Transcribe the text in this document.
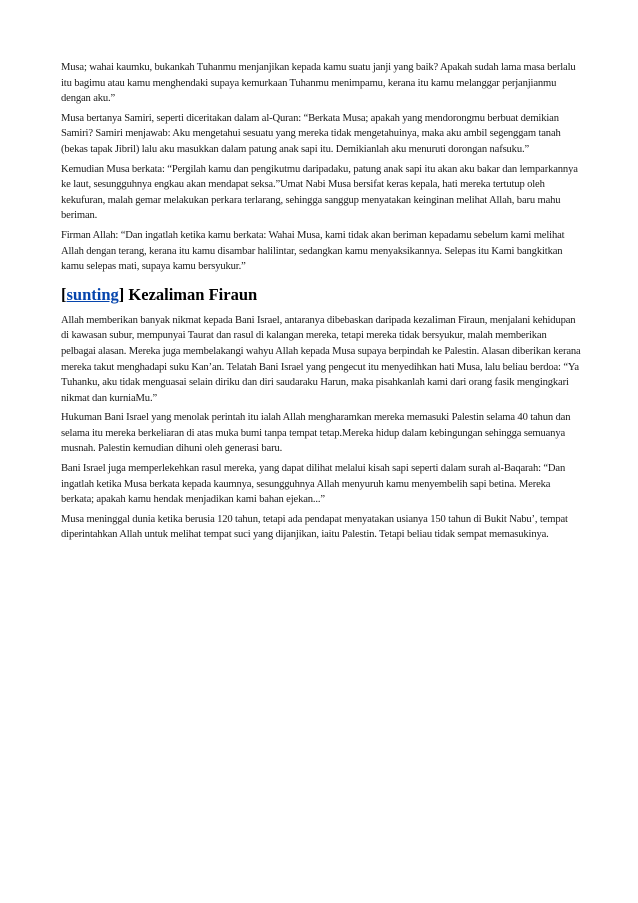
Musa; wahai kaumku, bukankah Tuhanmu menjanjikan kepada kamu suatu janji yang baik? Apakah sudah lama masa berlalu itu bagimu atau kamu menghendaki supaya kemurkaan Tuhanmu menimpamu, kerana itu kamu melanggar perjanjianmu dengan aku.”

Musa bertanya Samiri, seperti diceritakan dalam al-Quran: “Berkata Musa; apakah yang mendorongmu berbuat demikian Samiri? Samiri menjawab: Aku mengetahui sesuatu yang mereka tidak mengetahuinya, maka aku ambil segenggam tanah (bekas tapak Jibril) lalu aku masukkan dalam patung anak sapi itu. Demikianlah aku menuruti dorongan nafsuku.”

Kemudian Musa berkata: “Pergilah kamu dan pengikutmu daripadaku, patung anak sapi itu akan aku bakar dan lemparkannya ke laut, sesungguhnya engkau akan mendapat seksa.”Umat Nabi Musa bersifat keras kepala, hati mereka tertutup oleh kekufuran, malah gemar melakukan perkara terlarang, sehingga sanggup menyatakan keinginan melihat Allah, baru mahu beriman.

Firman Allah: “Dan ingatlah ketika kamu berkata: Wahai Musa, kami tidak akan beriman kepadamu sebelum kami melihat Allah dengan terang, kerana itu kamu disambar halilintar, sedangkan kamu menyaksikannya. Selepas itu Kami bangkitkan kamu selepas mati, supaya kamu bersyukur.”

[sunting] Kezaliman Firaun

Allah memberikan banyak nikmat kepada Bani Israel, antaranya dibebaskan daripada kezaliman Firaun, menjalani kehidupan di kawasan subur, mempunyai Taurat dan rasul di kalangan mereka, tetapi mereka tidak bersyukur, malah memberikan pelbagai alasan. Mereka juga membelakangi wahyu Allah kepada Musa supaya berpindah ke Palestin. Alasan diberikan kerana mereka takut menghadapi suku Kan’an. Telatah Bani Israel yang pengecut itu menyedihkan hati Musa, lalu beliau berdoa: “Ya Tuhanku, aku tidak menguasai selain diriku dan diri saudaraku Harun, maka pisahkanlah kami dari orang fasik mengingkari nikmat dan kurniaMu.”

Hukuman Bani Israel yang menolak perintah itu ialah Allah mengharamkan mereka memasuki Palestin selama 40 tahun dan selama itu mereka berkeliaran di atas muka bumi tanpa tempat tetap.Mereka hidup dalam kebingungan sehingga semuanya musnah. Palestin kemudian dihuni oleh generasi baru.

Bani Israel juga memperlekehkan rasul mereka, yang dapat dilihat melalui kisah sapi seperti dalam surah al-Baqarah: “Dan ingatlah ketika Musa berkata kepada kaumnya, sesungguhnya Allah menyuruh kamu menyembelih sapi betina. Mereka berkata; apakah kamu hendak menjadikan kami bahan ejekan...”

Musa meninggal dunia ketika berusia 120 tahun, tetapi ada pendapat menyatakan usianya 150 tahun di Bukit Nabu’, tempat diperintahkan Allah untuk melihat tempat suci yang dijanjikan, iaitu Palestin. Tetapi beliau tidak sempat memasukinya.
